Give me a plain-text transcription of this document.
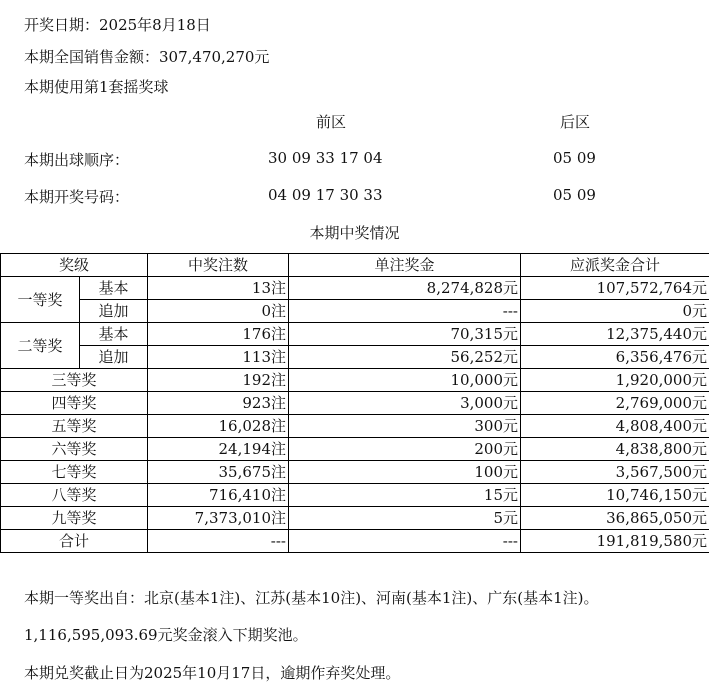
开奖日期：2025年8月18日
本期全国销售金额：307,470,270元
本期使用第1套摇奖球
前区	后区
本期出球顺序：	30 09 33 17 04	05 09
本期开奖号码：	04 09 17 30 33	05 09
本期中奖情况
奖级		中奖注数	单注奖金	应派奖金合计
一等奖	基本	13注	8,274,828元	107,572,764元
	追加	0注	---	0元
二等奖	基本	176注	70,315元	12,375,440元
	追加	113注	56,252元	6,356,476元
三等奖		192注	10,000元	1,920,000元
四等奖		923注	3,000元	2,769,000元
五等奖		16,028注	300元	4,808,400元
六等奖		24,194注	200元	4,838,800元
七等奖		35,675注	100元	3,567,500元
八等奖		716,410注	15元	10,746,150元
九等奖		7,373,010注	5元	36,865,050元
合计		---	---	191,819,580元
本期一等奖出自：北京(基本1注)、江苏(基本10注)、河南(基本1注)、广东(基本1注)。
1,116,595,093.69元奖金滚入下期奖池。
本期兑奖截止日为2025年10月17日，逾期作弃奖处理。
